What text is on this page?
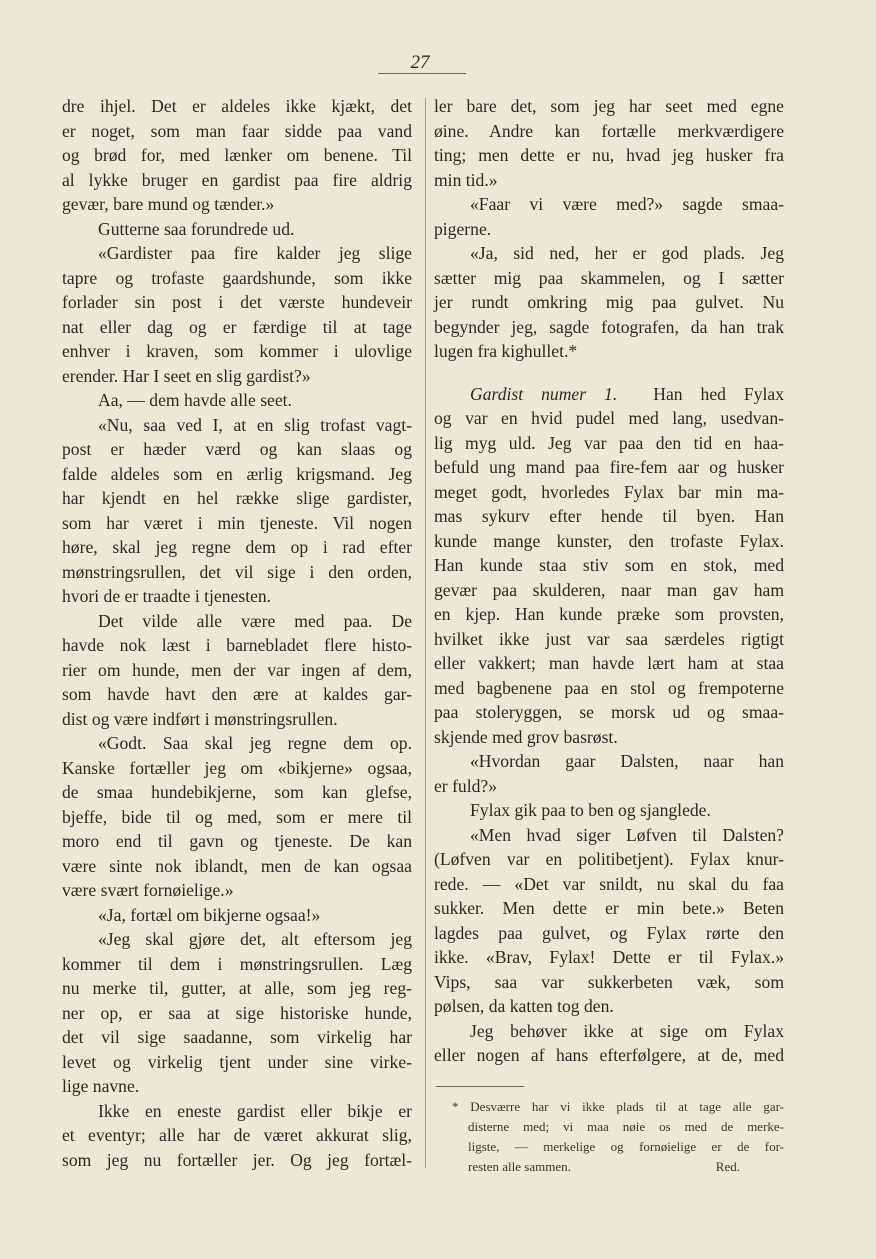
27
dre ihjel. Det er aldeles ikke kjækt, det
er noget, som man faar sidde paa vand
og brød for, med lænker om benene. Til
al lykke bruger en gardist paa fire aldrig
gevær, bare mund og tænder.»
Gutterne saa forundrede ud.
«Gardister paa fire kalder jeg slige
tapre og trofaste gaardshunde, som ikke
forlader sin post i det værste hundeveir
nat eller dag og er færdige til at tage
enhver i kraven, som kommer i ulovlige
erender. Har I seet en slig gardist?»
Aa, — dem havde alle seet.
«Nu, saa ved I, at en slig trofast vagt-
post er hæder værd og kan slaas og
falde aldeles som en ærlig krigsmand. Jeg
har kjendt en hel række slige gardister,
som har været i min tjeneste. Vil nogen
høre, skal jeg regne dem op i rad efter
mønstringsrullen, det vil sige i den orden,
hvori de er traadte i tjenesten.
Det vilde alle være med paa. De
havde nok læst i barnebladet flere histo-
rier om hunde, men der var ingen af dem,
som havde havt den ære at kaldes gar-
dist og være indført i mønstringsrullen.
«Godt. Saa skal jeg regne dem op.
Kanske fortæller jeg om «bikjerne» ogsaa,
de smaa hundebikjerne, som kan glefse,
bjeffe, bide til og med, som er mere til
moro end til gavn og tjeneste. De kan
være sinte nok iblandt, men de kan ogsaa
være svært fornøielige.»
«Ja, fortæl om bikjerne ogsaa!»
«Jeg skal gjøre det, alt eftersom jeg
kommer til dem i mønstringsrullen. Læg
nu merke til, gutter, at alle, som jeg reg-
ner op, er saa at sige historiske hunde,
det vil sige saadanne, som virkelig har
levet og virkelig tjent under sine virke-
lige navne.
Ikke en eneste gardist eller bikje er
et eventyr; alle har de været akkurat slig,
som jeg nu fortæller jer. Og jeg fortæl-
ler bare det, som jeg har seet med egne
øine. Andre kan fortælle merkværdigere
ting; men dette er nu, hvad jeg husker fra
min tid.»
«Faar vi være med?» sagde smaa-
pigerne.
«Ja, sid ned, her er god plads. Jeg
sætter mig paa skammelen, og I sætter
jer rundt omkring mig paa gulvet. Nu
begynder jeg, sagde fotografen, da han trak
lugen fra kighullet.*
Gardist numer 1. Han hed Fylax
og var en hvid pudel med lang, usedvan-
lig myg uld. Jeg var paa den tid en haa-
befuld ung mand paa fire-fem aar og husker
meget godt, hvorledes Fylax bar min ma-
mas sykurv efter hende til byen. Han
kunde mange kunster, den trofaste Fylax.
Han kunde staa stiv som en stok, med
gevær paa skulderen, naar man gav ham
en kjep. Han kunde præke som provsten,
hvilket ikke just var saa særdeles rigtigt
eller vakkert; man havde lært ham at staa
med bagbenene paa en stol og frempoterne
paa stoleryggen, se morsk ud og smaa-
skjende med grov basrøst.
«Hvordan gaar Dalsten, naar han
er fuld?»
Fylax gik paa to ben og sjanglede.
«Men hvad siger Løfven til Dalsten?
(Løfven var en politibetjent). Fylax knur-
rede. — «Det var snildt, nu skal du faa
sukker. Men dette er min bete.» Beten
lagdes paa gulvet, og Fylax rørte den
ikke. «Brav, Fylax! Dette er til Fylax.»
Vips, saa var sukkerbeten væk, som
pølsen, da katten tog den.
Jeg behøver ikke at sige om Fylax
eller nogen af hans efterfølgere, at de, med
* Desværre har vi ikke plads til at tage alle gar-
disterne med; vi maa nøie os med de merke-
ligste, — merkelige og fornøielige er de for-
resten alle sammen.	Red.
